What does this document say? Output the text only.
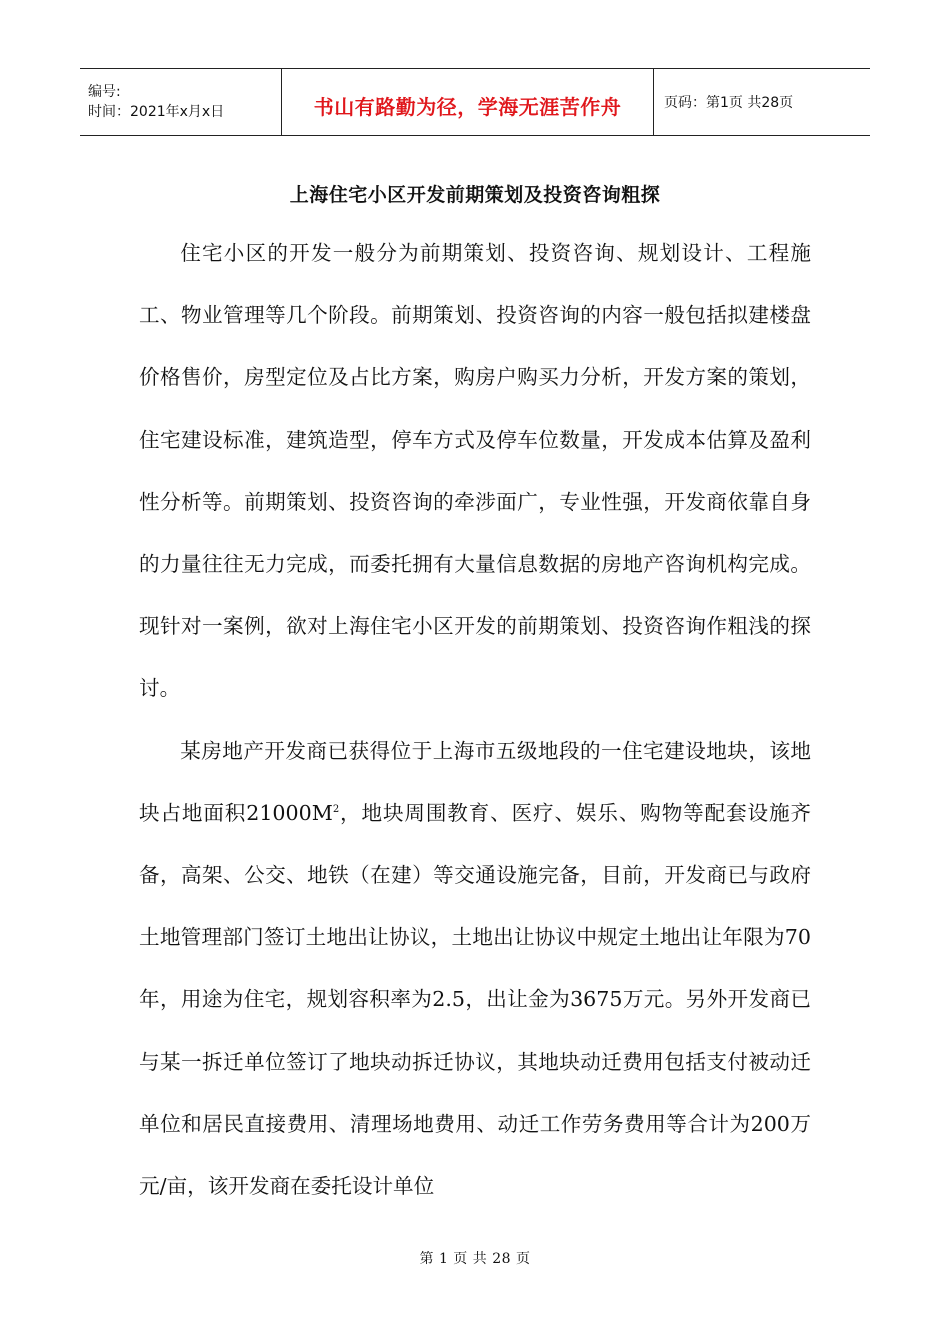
编号:
时间：2021年x月x日	书山有路勤为径，学海无涯苦作舟	页码：第1页 共28页
上海住宅小区开发前期策划及投资咨询粗探

住宅小区的开发一般分为前期策划、投资咨询、规划设计、工程施工、物业管理等几个阶段。前期策划、投资咨询的内容一般包括拟建楼盘价格售价，房型定位及占比方案，购房户购买力分析，开发方案的策划，住宅建设标准，建筑造型，停车方式及停车位数量，开发成本估算及盈利性分析等。前期策划、投资咨询的牵涉面广，专业性强，开发商依靠自身的力量往往无力完成，而委托拥有大量信息数据的房地产咨询机构完成。现针对一案例，欲对上海住宅小区开发的前期策划、投资咨询作粗浅的探讨。

某房地产开发商已获得位于上海市五级地段的一住宅建设地块，该地块占地面积$21000M^2$，地块周围教育、医疗、娱乐、购物等配套设施齐备，高架、公交、地铁（在建）等交通设施完备，目前，开发商已与政府土地管理部门签订土地出让协议，土地出让协议中规定土地出让年限为70年，用途为住宅，规划容积率为2.5，出让金为3675万元。另外开发商已与某一拆迁单位签订了地块动拆迁协议，其地块动迁费用包括支付被动迁单位和居民直接费用、清理场地费用、动迁工作劳务费用等合计为200万元/亩，该开发商在委托设计单位

第 1 页 共 28 页
